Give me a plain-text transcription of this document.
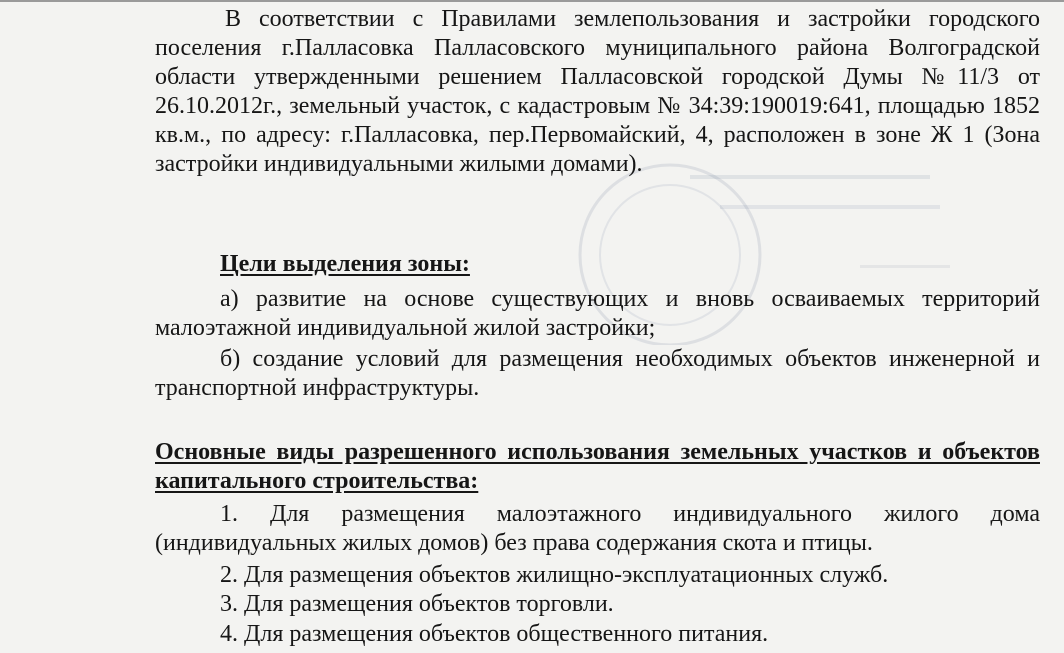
В соответствии с Правилами землепользования и застройки городского поселения г.Палласовка Палласовского муниципального района Волгоградской области утвержденными решением Палласовской городской Думы №11/3 от 26.10.2012г., земельный участок, с кадастровым № 34:39:190019:641, площадью 1852 кв.м., по адресу: г.Палласовка, пер.Первомайский, 4, расположен в зоне Ж 1 (Зона застройки индивидуальными жилыми домами).

Цели выделения зоны:

а) развитие на основе существующих и вновь осваиваемых территорий малоэтажной индивидуальной жилой застройки;

б) создание условий для размещения необходимых объектов инженерной и транспортной инфраструктуры.

Основные виды разрешенного использования земельных участков и объектов капитального строительства:

1. Для размещения малоэтажного индивидуального жилого дома (индивидуальных жилых домов) без права содержания скота и птицы.

2. Для размещения объектов жилищно-эксплуатационных служб.

3. Для размещения объектов торговли.

4. Для размещения объектов общественного питания.
